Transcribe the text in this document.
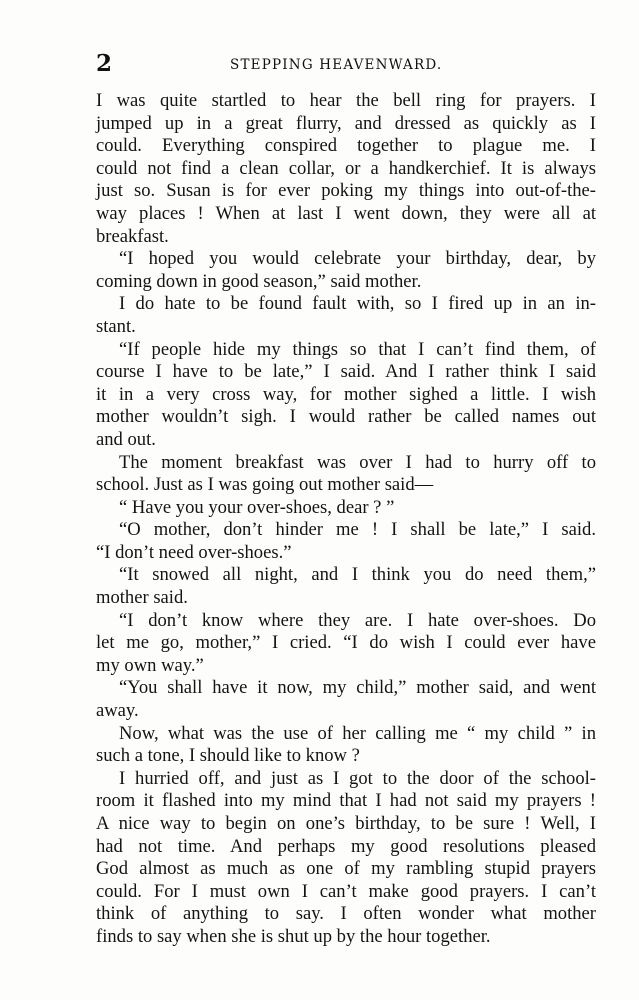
2	STEPPING HEAVENWARD.
I was quite startled to hear the bell ring for prayers. I
jumped up in a great flurry, and dressed as quickly as I
could. Everything conspired together to plague me. I
could not find a clean collar, or a handkerchief. It is always
just so. Susan is for ever poking my things into out-of-the-
way places ! When at last I went down, they were all at
breakfast.
“I hoped you would celebrate your birthday, dear, by
coming down in good season,” said mother.
I do hate to be found fault with, so I fired up in an in-
stant.
“If people hide my things so that I can’t find them, of
course I have to be late,” I said. And I rather think I said
it in a very cross way, for mother sighed a little. I wish
mother wouldn’t sigh. I would rather be called names out
and out.
The moment breakfast was over I had to hurry off to
school. Just as I was going out mother said—
“ Have you your over-shoes, dear ? ”
“O mother, don’t hinder me ! I shall be late,” I said.
“I don’t need over-shoes.”
“It snowed all night, and I think you do need them,”
mother said.
“I don’t know where they are. I hate over-shoes. Do
let me go, mother,” I cried. “I do wish I could ever have
my own way.”
“You shall have it now, my child,” mother said, and went
away.
Now, what was the use of her calling me “ my child ” in
such a tone, I should like to know ?
I hurried off, and just as I got to the door of the school-
room it flashed into my mind that I had not said my prayers !
A nice way to begin on one’s birthday, to be sure ! Well, I
had not time. And perhaps my good resolutions pleased
God almost as much as one of my rambling stupid prayers
could. For I must own I can’t make good prayers. I can’t
think of anything to say. I often wonder what mother
finds to say when she is shut up by the hour together.
